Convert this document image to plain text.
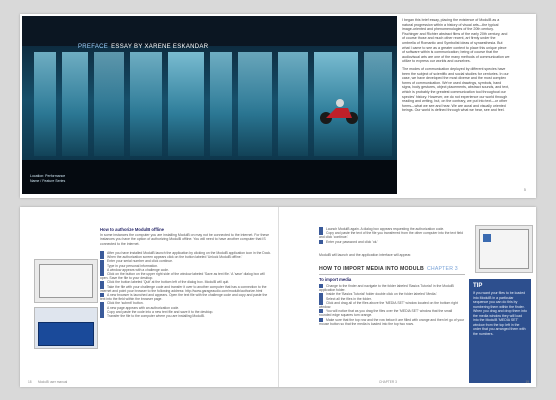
PREFACE ESSAY BY XARENE ESKANDAR
Location: Performance Name / Feature Series

I began this brief essay, placing the existence of ModulB as a natural progression within a history of visual arts—the typical image-oriented and phenomenologies of the 20th century. Fischinger and Richter abstract films of the early 20th century, and of course those and much other recent, art firmly under the umbrella of Romantic and Symbolist ideas of synaesthesia. But what I came to see as a greater context to place this unique piece of software within is communication; being of course that the audiovisual arts are one of the many methods of communication we utilize to express our worlds and ourselves.

The modes of communication deployed by different species have been the subject of scientific and social studies for centuries. In our case, we have developed the most diverse and the most complex forms of communication. We've used drawings, symbols, hand signs, body gestures, object placements, abstract sounds, and text, which is probably the greatest communication tool throughout our species' history. However, we do not experience our world through reading and writing, but, on the contrary, we put into text—or other forms—what we see and hear. We are aural and visually oriented beings. Our world is defined through what we hear, see and feel.

5
How to authorize ModulB offline
In some instances the computer you are installing ModulB on may not be connected to the internet. For these instances you have the option of authorizing ModulB offline. You will need to have another computer that IS connected to the internet.
After you have installed ModulB launch the application by clicking on the ModulB application icon in the Dock.
When the authorization screen appears click on the button labeled 'Unlock ModulB offline.'
Enter your serial number and click continue.
Type in your personal information.
A window appears with a challenge code.
Click on the button on the upper right side of the window labeled 'Save as text file.' A 'save' dialog box will open. Save the file to your desktop.
Click the button labeled 'Quit' at the bottom left of the dialog box. ModulB will quit.
Take the file with your challenge code and transfer it over to another computer that has a connection to the internet and point your browser to the following address: http://www.garageaudio.com/modulb/authorize.html
A new browser is launched and appears. Open the text file with the challenge code and copy and paste the text into the field within the browser page.
Click the 'submit' button.
A new page appears with an authorization code.
Copy and paste the code into a new text file and save it to the desktop.
Transfer the file to the computer where you are installing ModulB.
18 ModulB user manual
Launch ModulB again. A dialog box appears requesting the authorization code.
Copy and paste the text of the file you transferred from the other computer into the text field and click 'continue.'
Enter your password and click 'ok.'
ModulB will launch and the application interface will appear.
HOW TO IMPORT MEDIA INTO MODULB CHAPTER 3
To import media
Change to the finder and navigate to the folder labeled 'Basics Tutorial' in the ModulB application folder.
Inside the 'Basics Tutorial' folder double click on the folder labeled 'Media.'
Select all the files in the folder.
Click and drag all of the files above the 'MEDIA SET' window located on the bottom right window.
You will notice that as you drag the files over the 'MEDIA SET' window that the small rounded edge squares turn orange.
Make sure that the top row and the row below it are filled with orange and then let go of your mouse button so that the media is loaded into the top two rows.
TIP
If you want your files to be loaded into ModulB in a particular sequence you can do this by numbering them within the finder. When you drag and drop them into the media window they will load into the ModulB 'MEDIA SET' window from the top left in the order that you arranged them with the numbers.
CHAPTER 3	19
